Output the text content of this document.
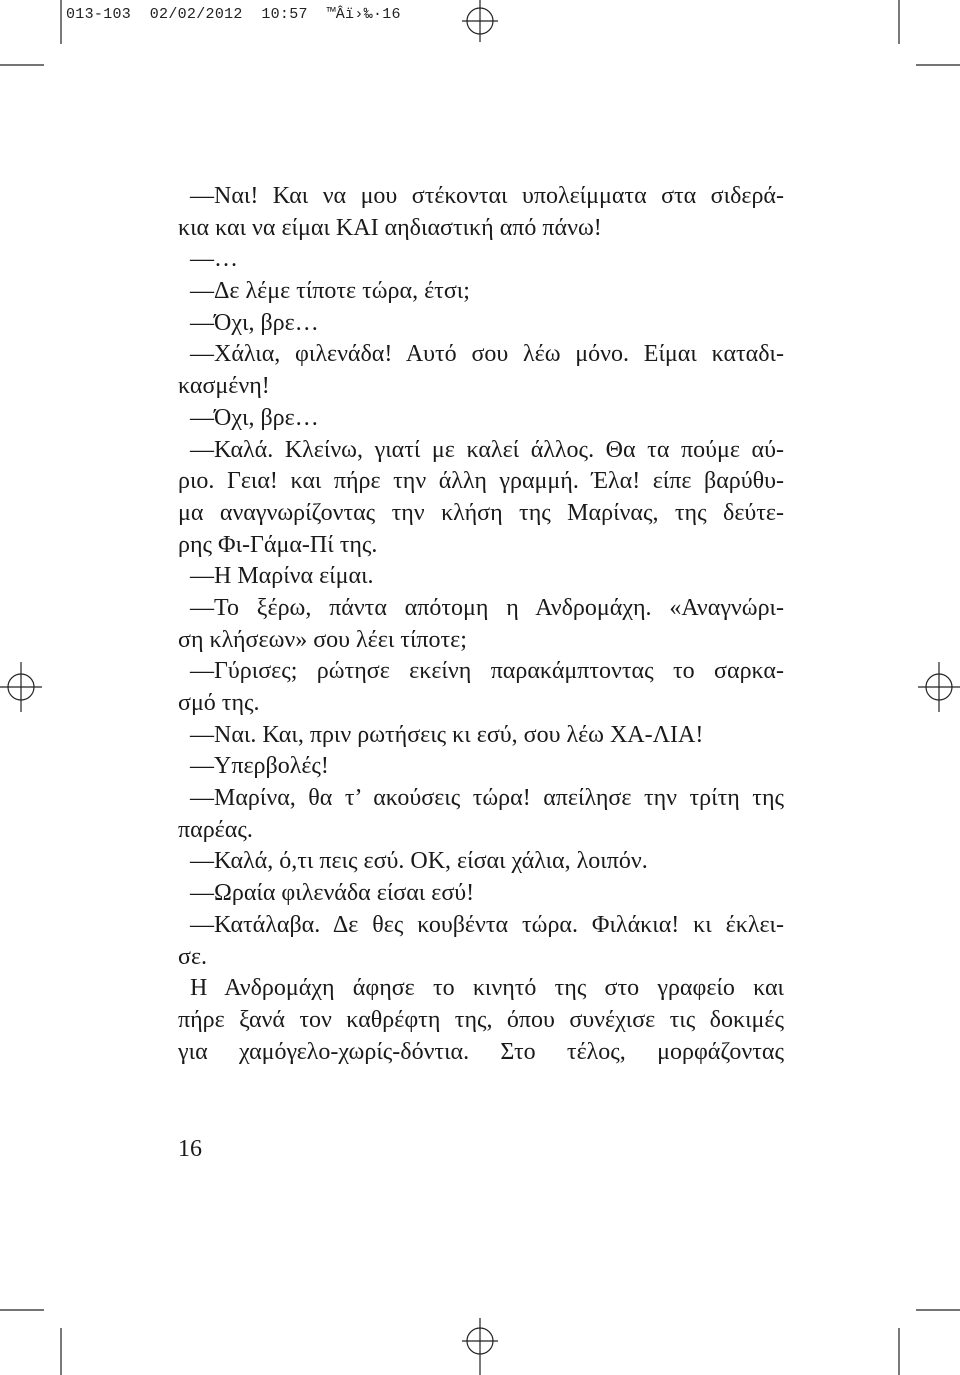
013-103  02/02/2012  10:57  ™Âï›‰·16
—Ναι! Και να μου στέκονται υπολείμματα στα σιδερά-
κια και να είμαι ΚΑΙ αηδιαστική από πάνω!
—…
—Δε λέμε τίποτε τώρα, έτσι;
—Όχι, βρε…
—Χάλια, φιλενάδα! Αυτό σου λέω μόνο. Είμαι καταδι-
κασμένη!
—Όχι, βρε…
—Καλά. Κλείνω, γιατί με καλεί άλλος. Θα τα πούμε αύ-
ριο. Γεια! και πήρε την άλλη γραμμή. Έλα! είπε βαρύθυ-
μα αναγνωρίζοντας την κλήση της Μαρίνας, της δεύτε-
ρης Φι-Γάμα-Πί της.
—Η Μαρίνα είμαι.
—Το ξέρω, πάντα απότομη η Ανδρομάχη. «Αναγνώρι-
ση κλήσεων» σου λέει τίποτε;
—Γύρισες; ρώτησε εκείνη παρακάμπτοντας το σαρκα-
σμό της.
—Ναι. Και, πριν ρωτήσεις κι εσύ, σου λέω ΧΑ-ΛΙΑ!
—Υπερβολές!
—Μαρίνα, θα τ’ ακούσεις τώρα! απείλησε την τρίτη της
παρέας.
—Καλά, ό,τι πεις εσύ. ΟΚ, είσαι χάλια, λοιπόν.
—Ωραία φιλενάδα είσαι εσύ!
—Κατάλαβα. Δε θες κουβέντα τώρα. Φιλάκια! κι έκλει-
σε.
Η Ανδρομάχη άφησε το κινητό της στο γραφείο και
πήρε ξανά τον καθρέφτη της, όπου συνέχισε τις δοκιμές
για χαμόγελο-χωρίς-δόντια. Στο τέλος, μορφάζοντας
16
